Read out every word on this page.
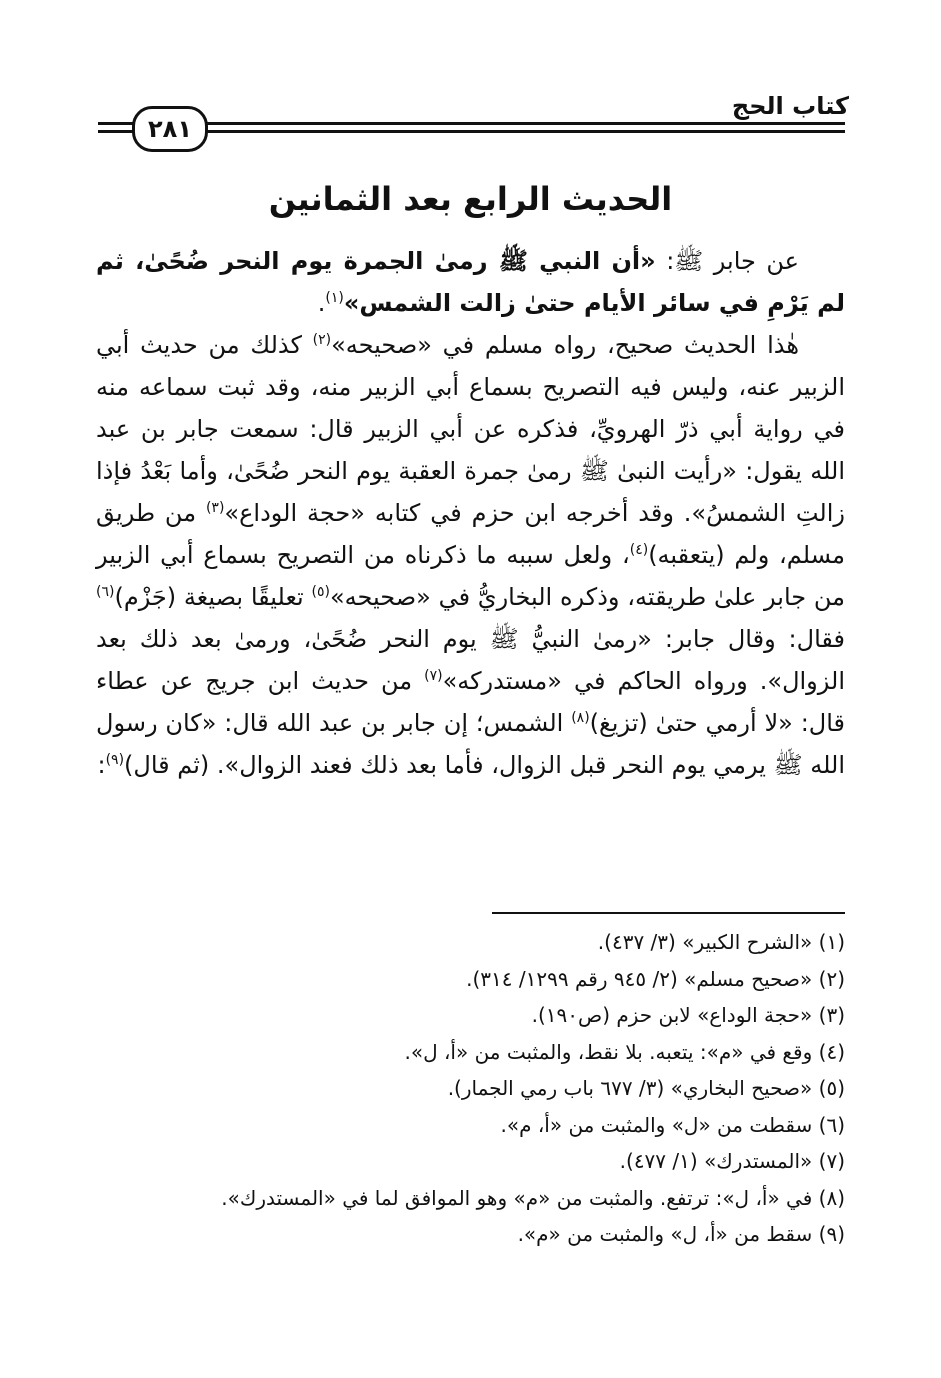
كتاب الحج
٢٨١
الحديث الرابع بعد الثمانين

عن جابر ﷺ: «أن النبي ﷺ رمىٰ الجمرة يوم النحر ضُحًىٰ، ثم لم يَرْمِ في سائر الأيام حتىٰ زالت الشمس»$^{(١)}$.

هٰذا الحديث صحيح، رواه مسلم في «صحيحه»$^{(٢)}$ كذلك من حديث أبي الزبير عنه، وليس فيه التصريح بسماع أبي الزبير منه، وقد ثبت سماعه منه في رواية أبي ذرّ الهرويِّ، فذكره عن أبي الزبير قال: سمعت جابر بن عبد الله يقول: «رأيت النبىٰ ﷺ رمىٰ جمرة العقبة يوم النحر ضُحًىٰ، وأما بَعْدُ فإذا زالتِ الشمسُ». وقد أخرجه ابن حزم في كتابه «حجة الوداع»$^{(٣)}$ من طريق مسلم، ولم (يتعقبه)$^{(٤)}$، ولعل سببه ما ذكرناه من التصريح بسماع أبي الزبير من جابر علىٰ طريقته، وذكره البخاريُّ في «صحيحه»$^{(٥)}$ تعليقًا بصيغة (جَزْم)$^{(٦)}$ فقال: وقال جابر: «رمىٰ النبيُّ ﷺ يوم النحر ضُحًىٰ، ورمىٰ بعد ذلك بعد الزوال». ورواه الحاكم في «مستدركه»$^{(٧)}$ من حديث ابن جريج عن عطاء قال: «لا أرمي حتىٰ (تزيغ)$^{(٨)}$ الشمس؛ إن جابر بن عبد الله قال: «كان رسول الله ﷺ يرمي يوم النحر قبل الزوال، فأما بعد ذلك فعند الزوال». (ثم قال)$^{(٩)}$:

(١) «الشرح الكبير» (٣/ ٤٣٧).
(٢) «صحيح مسلم» (٢/ ٩٤٥ رقم ١٢٩٩/ ٣١٤).
(٣) «حجة الوداع» لابن حزم (ص١٩٠).
(٤) وقع في «م»: يتعبه. بلا نقط، والمثبت من «أ، ل».
(٥) «صحيح البخاري» (٣/ ٦٧٧ باب رمي الجمار).
(٦) سقطت من «ل» والمثبت من «أ، م».
(٧) «المستدرك» (١/ ٤٧٧).
(٨) في «أ، ل»: ترتفع. والمثبت من «م» وهو الموافق لما في «المستدرك».
(٩) سقط من «أ، ل» والمثبت من «م».
